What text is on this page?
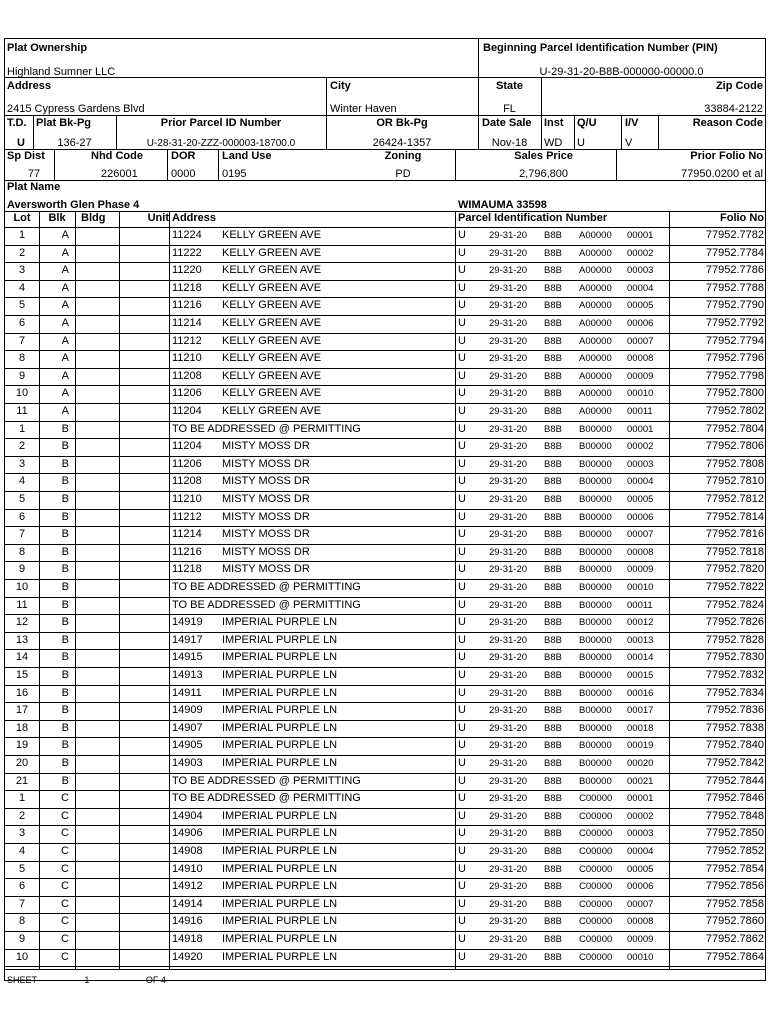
Plat Ownership
Highland Sumner LLC
Beginning Parcel Identification Number (PIN)
U-29-31-20-B8B-000000-00000.0
Address
2415 Cypress Gardens Blvd
City
Winter Haven
State
FL
Zip Code
33884-2122
T.D.
U
Plat Bk-Pg
136-27
Prior Parcel ID Number
U-28-31-20-ZZZ-000003-18700.0
OR Bk-Pg
26424-1357
Date Sale
Nov-18
Inst
WD
Q/U
U
I/V
V
Reason Code
Sp Dist
77
Nhd Code
226001
DOR
0000
Land Use
0195
Zoning
PD
Sales Price
2,796,800
Prior Folio No
77950.0200 et al
Plat Name
Aversworth Glen Phase 4	WIMAUMA 33598
Lot	Blk	Bldg	Unit Address	Parcel Identification Number	Folio No
1	A	11224 KELLY GREEN AVE	U 29-31-20 B8B A00000 00001	77952.7782
2	A	11222 KELLY GREEN AVE	U 29-31-20 B8B A00000 00002	77952.7784
3	A	11220 KELLY GREEN AVE	U 29-31-20 B8B A00000 00003	77952.7786
4	A	11218 KELLY GREEN AVE	U 29-31-20 B8B A00000 00004	77952.7788
5	A	11216 KELLY GREEN AVE	U 29-31-20 B8B A00000 00005	77952.7790
6	A	11214 KELLY GREEN AVE	U 29-31-20 B8B A00000 00006	77952.7792
7	A	11212 KELLY GREEN AVE	U 29-31-20 B8B A00000 00007	77952.7794
8	A	11210 KELLY GREEN AVE	U 29-31-20 B8B A00000 00008	77952.7796
9	A	11208 KELLY GREEN AVE	U 29-31-20 B8B A00000 00009	77952.7798
10	A	11206 KELLY GREEN AVE	U 29-31-20 B8B A00000 00010	77952.7800
11	A	11204 KELLY GREEN AVE	U 29-31-20 B8B A00000 00011	77952.7802
1	B	TO BE ADDRESSED @ PERMITTING	U 29-31-20 B8B B00000 00001	77952.7804
2	B	11204 MISTY MOSS DR	U 29-31-20 B8B B00000 00002	77952.7806
3	B	11206 MISTY MOSS DR	U 29-31-20 B8B B00000 00003	77952.7808
4	B	11208 MISTY MOSS DR	U 29-31-20 B8B B00000 00004	77952.7810
5	B	11210 MISTY MOSS DR	U 29-31-20 B8B B00000 00005	77952.7812
6	B	11212 MISTY MOSS DR	U 29-31-20 B8B B00000 00006	77952.7814
7	B	11214 MISTY MOSS DR	U 29-31-20 B8B B00000 00007	77952.7816
8	B	11216 MISTY MOSS DR	U 29-31-20 B8B B00000 00008	77952.7818
9	B	11218 MISTY MOSS DR	U 29-31-20 B8B B00000 00009	77952.7820
10	B	TO BE ADDRESSED @ PERMITTING	U 29-31-20 B8B B00000 00010	77952.7822
11	B	TO BE ADDRESSED @ PERMITTING	U 29-31-20 B8B B00000 00011	77952.7824
12	B	14919 IMPERIAL PURPLE LN	U 29-31-20 B8B B00000 00012	77952.7826
13	B	14917 IMPERIAL PURPLE LN	U 29-31-20 B8B B00000 00013	77952.7828
14	B	14915 IMPERIAL PURPLE LN	U 29-31-20 B8B B00000 00014	77952.7830
15	B	14913 IMPERIAL PURPLE LN	U 29-31-20 B8B B00000 00015	77952.7832
16	B	14911 IMPERIAL PURPLE LN	U 29-31-20 B8B B00000 00016	77952.7834
17	B	14909 IMPERIAL PURPLE LN	U 29-31-20 B8B B00000 00017	77952.7836
18	B	14907 IMPERIAL PURPLE LN	U 29-31-20 B8B B00000 00018	77952.7838
19	B	14905 IMPERIAL PURPLE LN	U 29-31-20 B8B B00000 00019	77952.7840
20	B	14903 IMPERIAL PURPLE LN	U 29-31-20 B8B B00000 00020	77952.7842
21	B	TO BE ADDRESSED @ PERMITTING	U 29-31-20 B8B B00000 00021	77952.7844
1	C	TO BE ADDRESSED @ PERMITTING	U 29-31-20 B8B C00000 00001	77952.7846
2	C	14904 IMPERIAL PURPLE LN	U 29-31-20 B8B C00000 00002	77952.7848
3	C	14906 IMPERIAL PURPLE LN	U 29-31-20 B8B C00000 00003	77952.7850
4	C	14908 IMPERIAL PURPLE LN	U 29-31-20 B8B C00000 00004	77952.7852
5	C	14910 IMPERIAL PURPLE LN	U 29-31-20 B8B C00000 00005	77952.7854
6	C	14912 IMPERIAL PURPLE LN	U 29-31-20 B8B C00000 00006	77952.7856
7	C	14914 IMPERIAL PURPLE LN	U 29-31-20 B8B C00000 00007	77952.7858
8	C	14916 IMPERIAL PURPLE LN	U 29-31-20 B8B C00000 00008	77952.7860
9	C	14918 IMPERIAL PURPLE LN	U 29-31-20 B8B C00000 00009	77952.7862
10	C	14920 IMPERIAL PURPLE LN	U 29-31-20 B8B C00000 00010	77952.7864
SHEET	1	OF 4
